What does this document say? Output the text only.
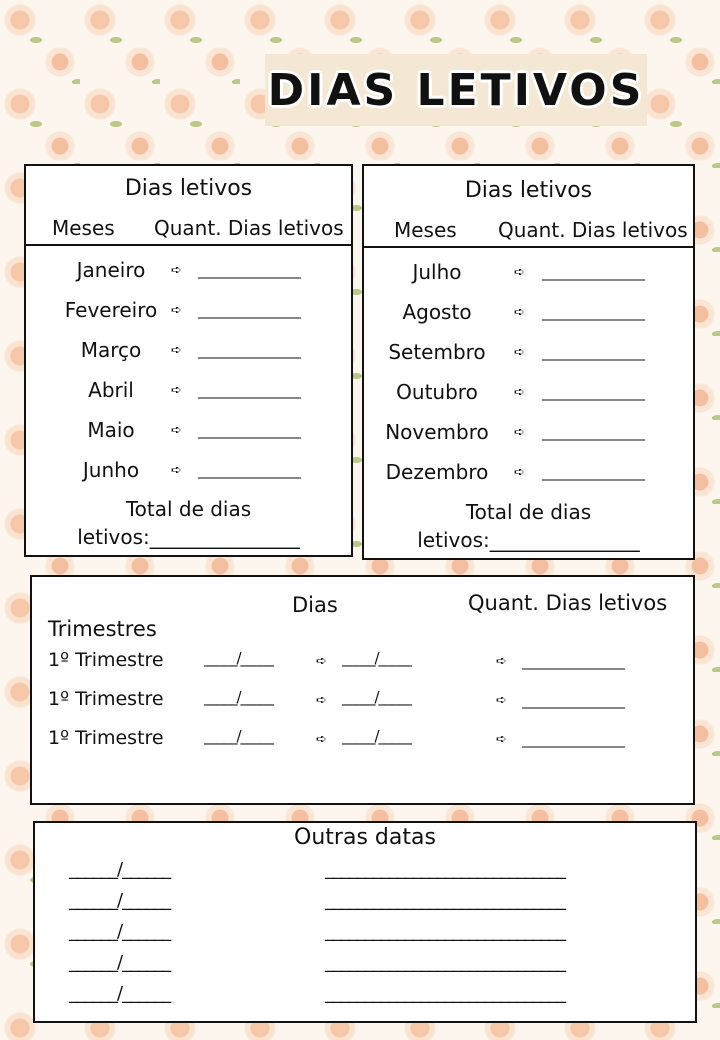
DIAS LETIVOS
Dias letivos
Meses Quant. Dias letivos
Janeiro	➪ _________________
Fevereiro	➪ _________________
Março	➪ _________________
Abril	➪ _________________
Maio	➪ _________________
Junho	➪ _________________
Total de dias
letivos:_______________
Dias letivos
Meses Quant. Dias letivos
Julho	➪ _________________
Agosto	➪ _________________
Setembro	➪ _________________
Outubro	➪ _________________
Novembro	➪ _________________
Dezembro	➪ _________________
Total de dias
letivos:_______________
Dias	Quant. Dias letivos
Trimestres
1º Trimestre	_____/_____	➪ _____/_____	➪ _________________
1º Trimestre	_____/_____	➪ _____/_____	➪ _________________
1º Trimestre	_____/_____	➪ _____/_____	➪ _________________
Outras datas
______/______	______________________________
______/______	______________________________
______/______	______________________________
______/______	______________________________
______/______	______________________________
